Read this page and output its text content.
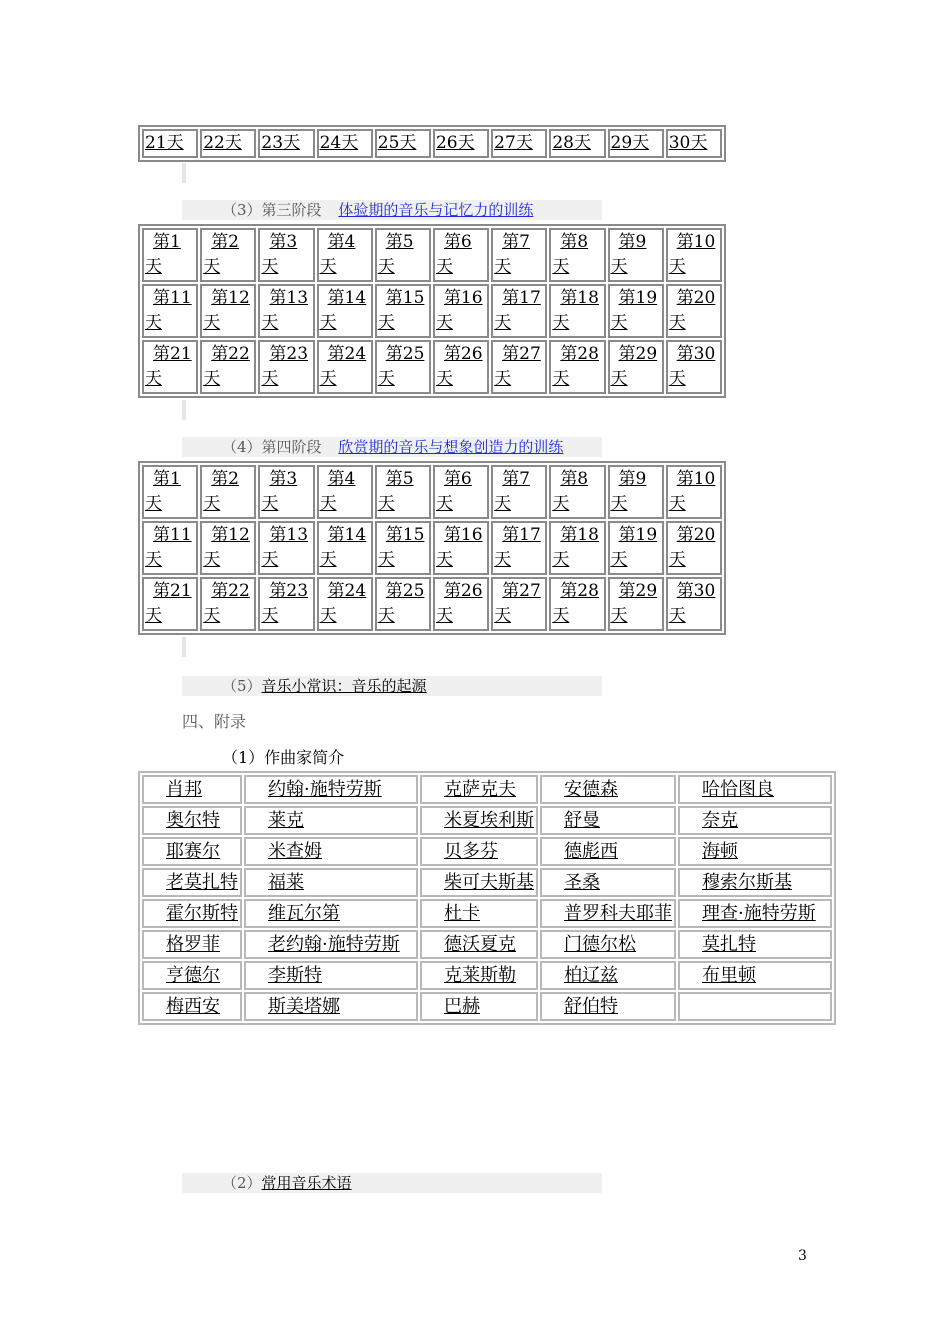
21天	22天	23天	24天	25天	26天	27天	28天	29天	30天
（3）第三阶段 体验期的音乐与记忆力的训练
第1天	第2天	第3天	第4天	第5天	第6天	第7天	第8天	第9天	第10天

第11天	第12天	第13天	第14天	第15天	第16天	第17天	第18天	第19天	第20天

第21天	第22天	第23天	第24天	第25天	第26天	第27天	第28天	第29天	第30天
（4）第四阶段 欣赏期的音乐与想象创造力的训练
第1天	第2天	第3天	第4天	第5天	第6天	第7天	第8天	第9天	第10天

第11天	第12天	第13天	第14天	第15天	第16天	第17天	第18天	第19天	第20天

第21天	第22天	第23天	第24天	第25天	第26天	第27天	第28天	第29天	第30天
（5）音乐小常识：音乐的起源
四、附录
（1）作曲家简介
肖邦	约翰·施特劳斯	克萨克夫	安德森	哈恰图良

奥尔特	莱克	米夏埃利斯	舒曼	奈克

耶赛尔	米查姆	贝多芬	德彪西	海顿

老莫扎特	福莱	柴可夫斯基	圣桑	穆索尔斯基

霍尔斯特	维瓦尔第	杜卡	普罗科夫耶菲	理查·施特劳斯

格罗菲	老约翰·施特劳斯	德沃夏克	门德尔松	莫扎特

亨德尔	李斯特	克莱斯勒	柏辽兹	布里顿

梅西安	斯美塔娜	巴赫	舒伯特	

（2）常用音乐术语
3
